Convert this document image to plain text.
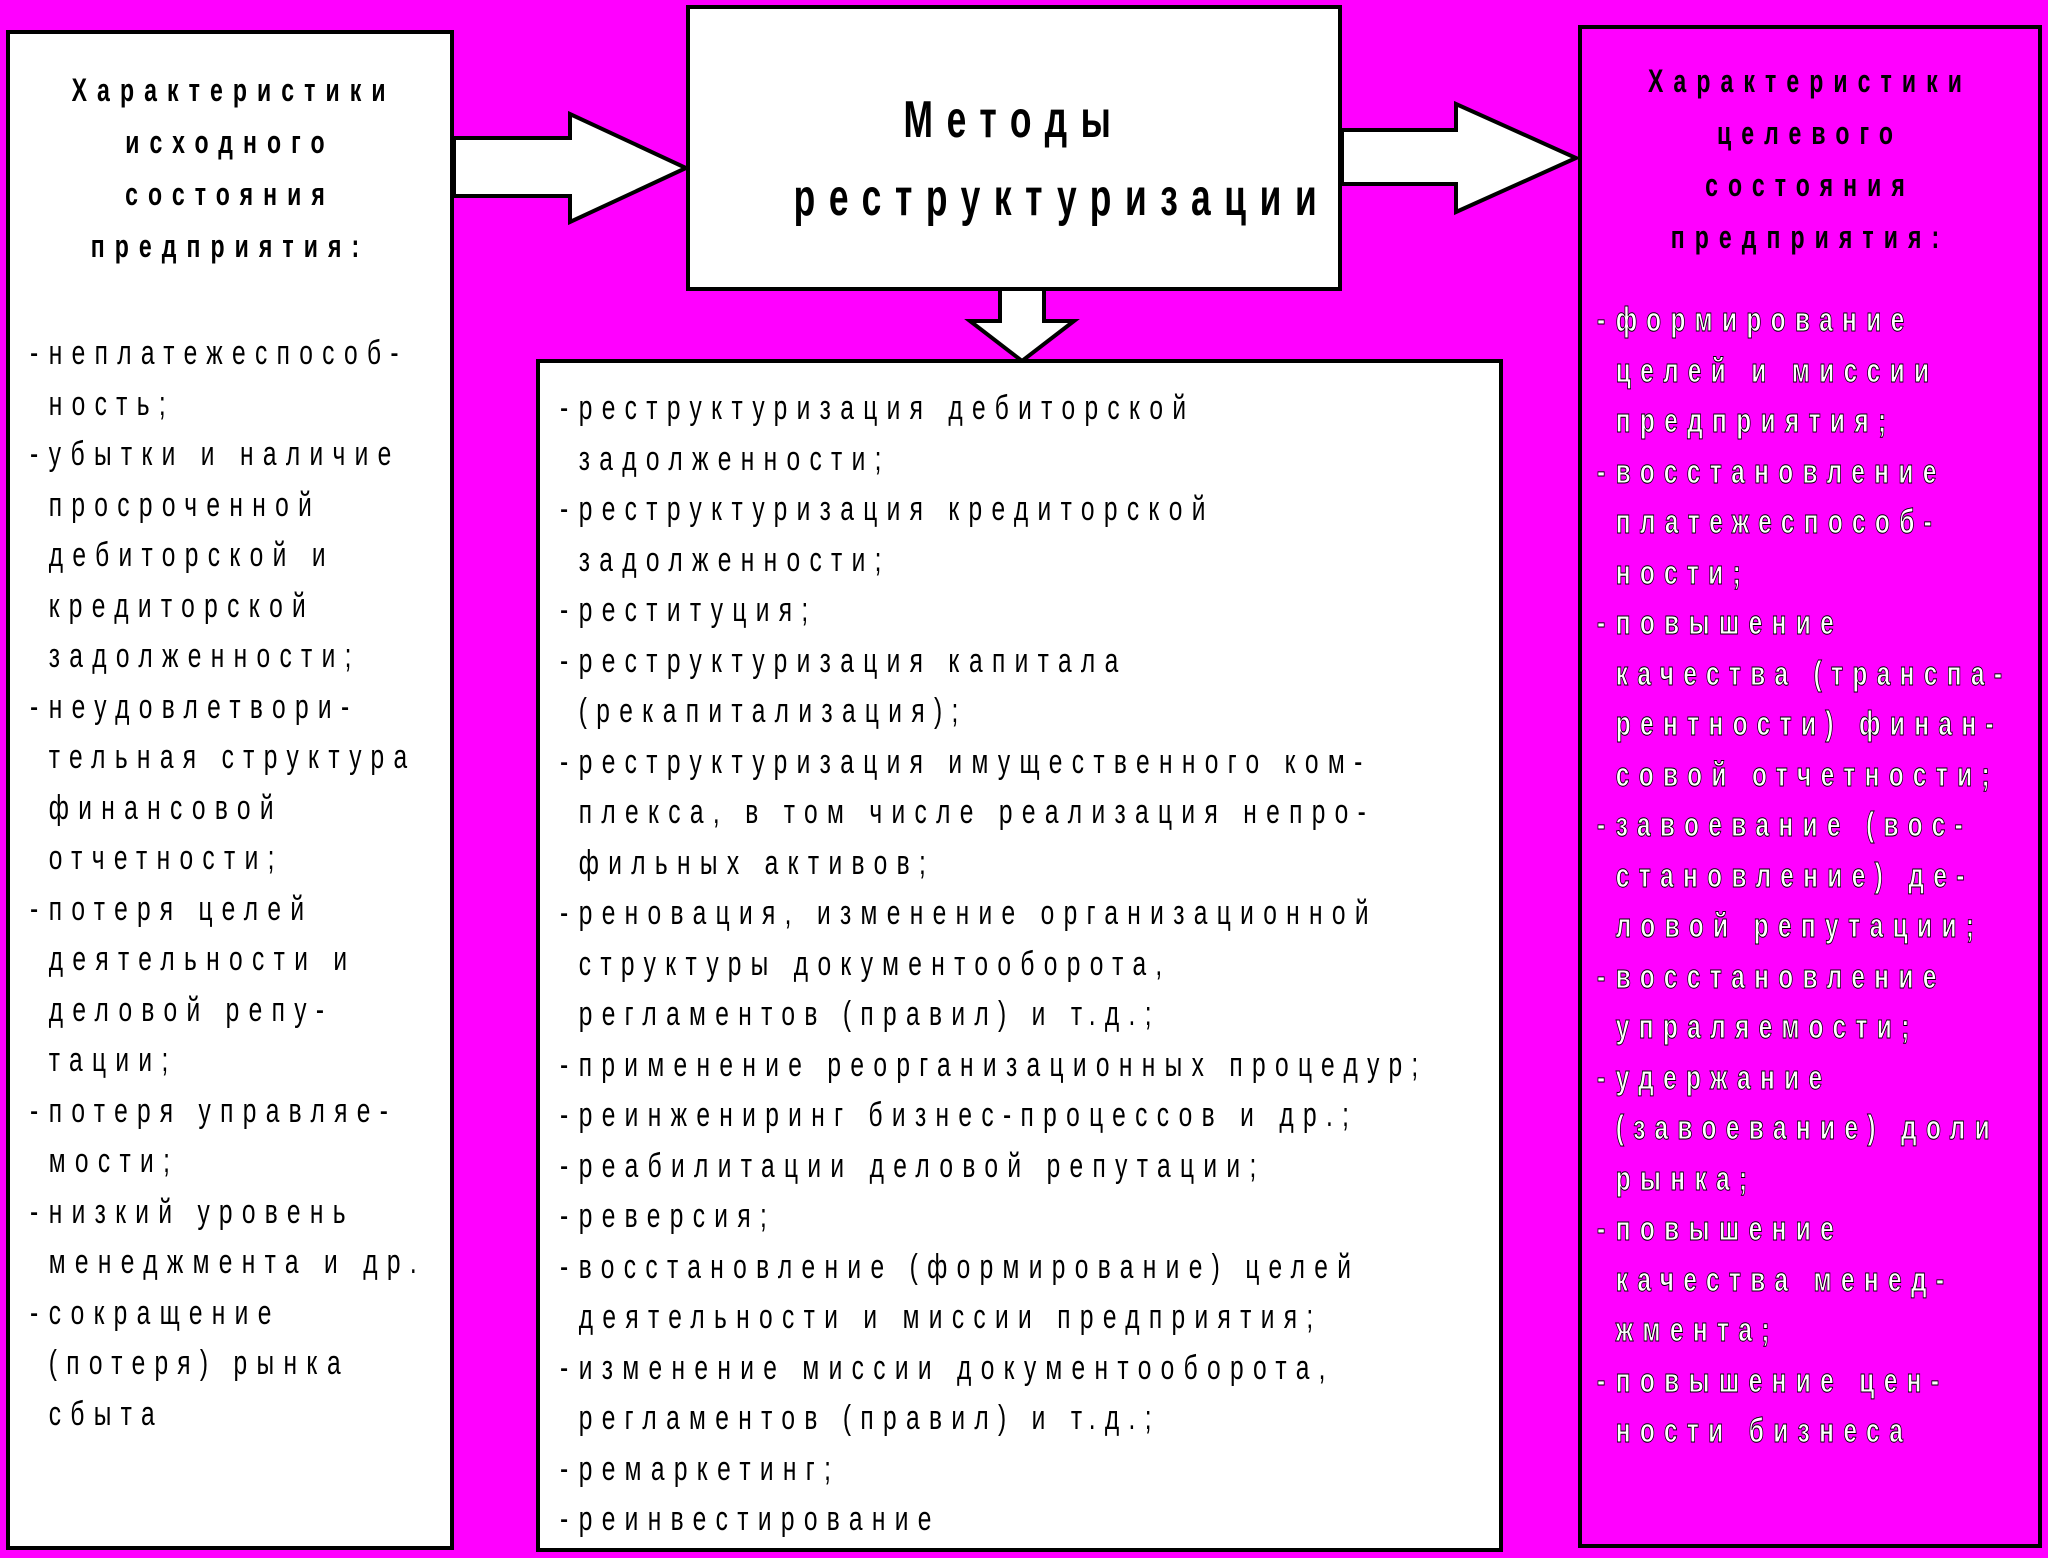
Характеристики
исходного
состояния
предприятия:
- неплатежеспособ-
ность;
- убытки и наличие
просроченной
дебиторской и
кредиторской
задолженности;
- неудовлетвори-
тельная структура
финансовой
отчетности;
- потеря целей
деятельности и
деловой репу-
тации;
- потеря управляе-
мости;
- низкий уровень
менеджмента и др.
- сокращение
(потеря) рынка
сбыта
Методы
реструктуризации
- реструктуризация дебиторской
задолженности;
- реструктуризация кредиторской
задолженности;
- реституция;
- реструктуризация капитала
(рекапитализация);
- реструктуризация имущественного ком-
плекса, в том числе реализация непро-
фильных активов;
- реновация, изменение организационной
структуры документооборота,
регламентов (правил) и т.д.;
- применение реорганизационных процедур;
- реинжениринг бизнес-процессов и др.;
- реабилитации деловой репутации;
- реверсия;
- восстановление (формирование) целей
деятельности и миссии предприятия;
- изменение миссии документооборота,
регламентов (правил) и т.д.;
- ремаркетинг;
- реинвестирование
Характеристики
целевого
состояния
предприятия:
- формирование
целей и миссии
предприятия;
- восстановление
платежеспособ-
ности;
- повышение
качества (транспа-
рентности) финан-
совой отчетности;
- завоевание (вос-
становление) де-
ловой репутации;
- восстановление
упраляемости;
- удержание
(завоевание) доли
рынка;
- повышение
качества менед-
жмента;
- повышение цен-
ности бизнеса
